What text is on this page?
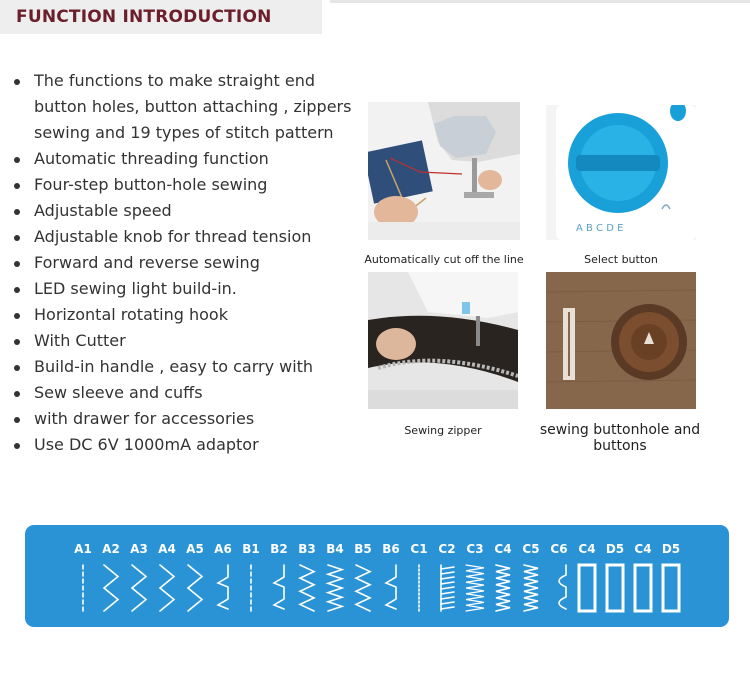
FUNCTION INTRODUCTION
The functions to make straight end button holes, button attaching , zippers sewing and 19 types of stitch pattern
Automatic threading function
Four-step button-hole sewing
Adjustable speed
Adjustable knob for thread tension
Forward and reverse sewing
LED sewing light build-in.
Horizontal rotating hook
With Cutter
Build-in handle , easy to carry with
Sew sleeve and cuffs
with drawer for accessories
Use DC 6V 1000mA adaptor
Automatically cut off the line
A B C D E
Select button
Sewing zipper	sewing buttonhole and buttons
A1 A2 A3 A4 A5 A6 B1 B2 B3 B4 B5 B6 C1 C2 C3 C4 C5 C6 C4 D5 C4 D5
